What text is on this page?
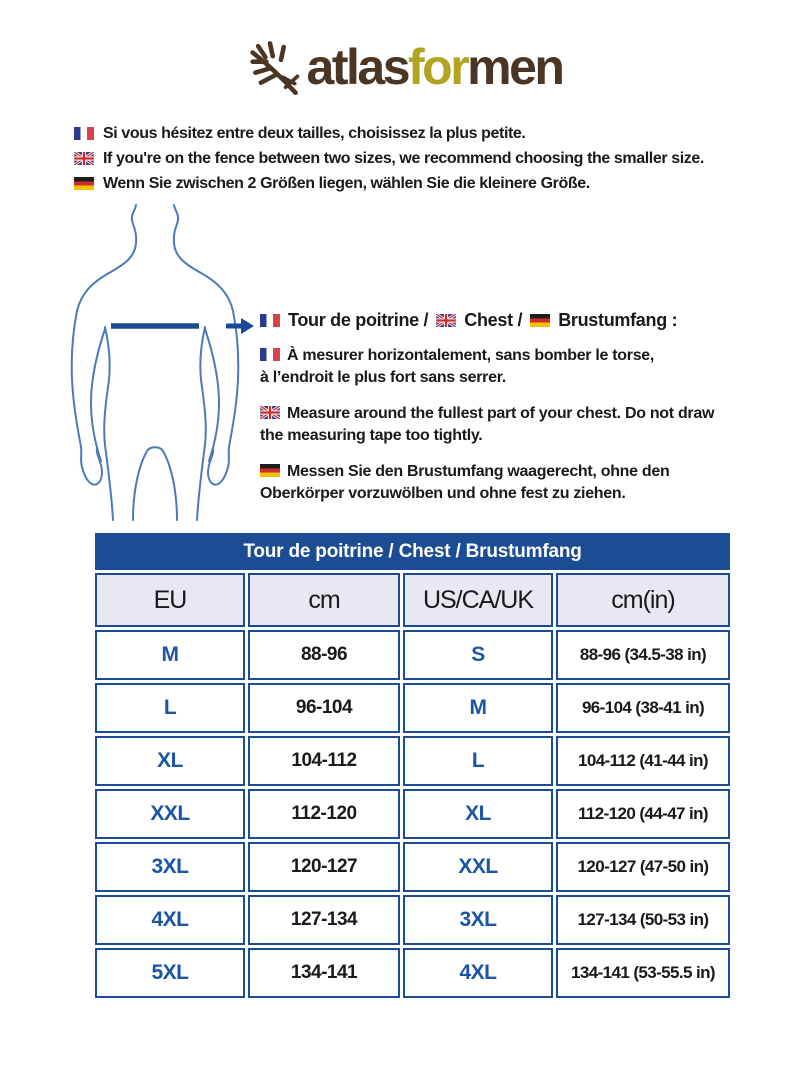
atlasformen
Si vous hésitez entre deux tailles, choisissez la plus petite.
If you're on the fence between two sizes, we recommend choosing the smaller size.
Wenn Sie zwischen 2 Größen liegen, wählen Sie die kleinere Größe.
Tour de poitrine / Chest / Brustumfang :

À mesurer horizontalement, sans bomber le torse,
à l’endroit le plus fort sans serrer.

Measure around the fullest part of your chest. Do not draw
the measuring tape too tightly.

Messen Sie den Brustumfang waagerecht, ohne den
Oberkörper vorzuwölben und ohne fest zu ziehen.

Tour de poitrine / Chest / Brustumfang			
EU	cm	US/CA/UK	cm(in)
M	88-96	S	88-96 (34.5-38 in)
L	96-104	M	96-104 (38-41 in)
XL	104-112	L	104-112 (41-44 in)
XXL	112-120	XL	112-120 (44-47 in)
3XL	120-127	XXL	120-127 (47-50 in)
4XL	127-134	3XL	127-134 (50-53 in)
5XL	134-141	4XL	134-141 (53-55.5 in)
